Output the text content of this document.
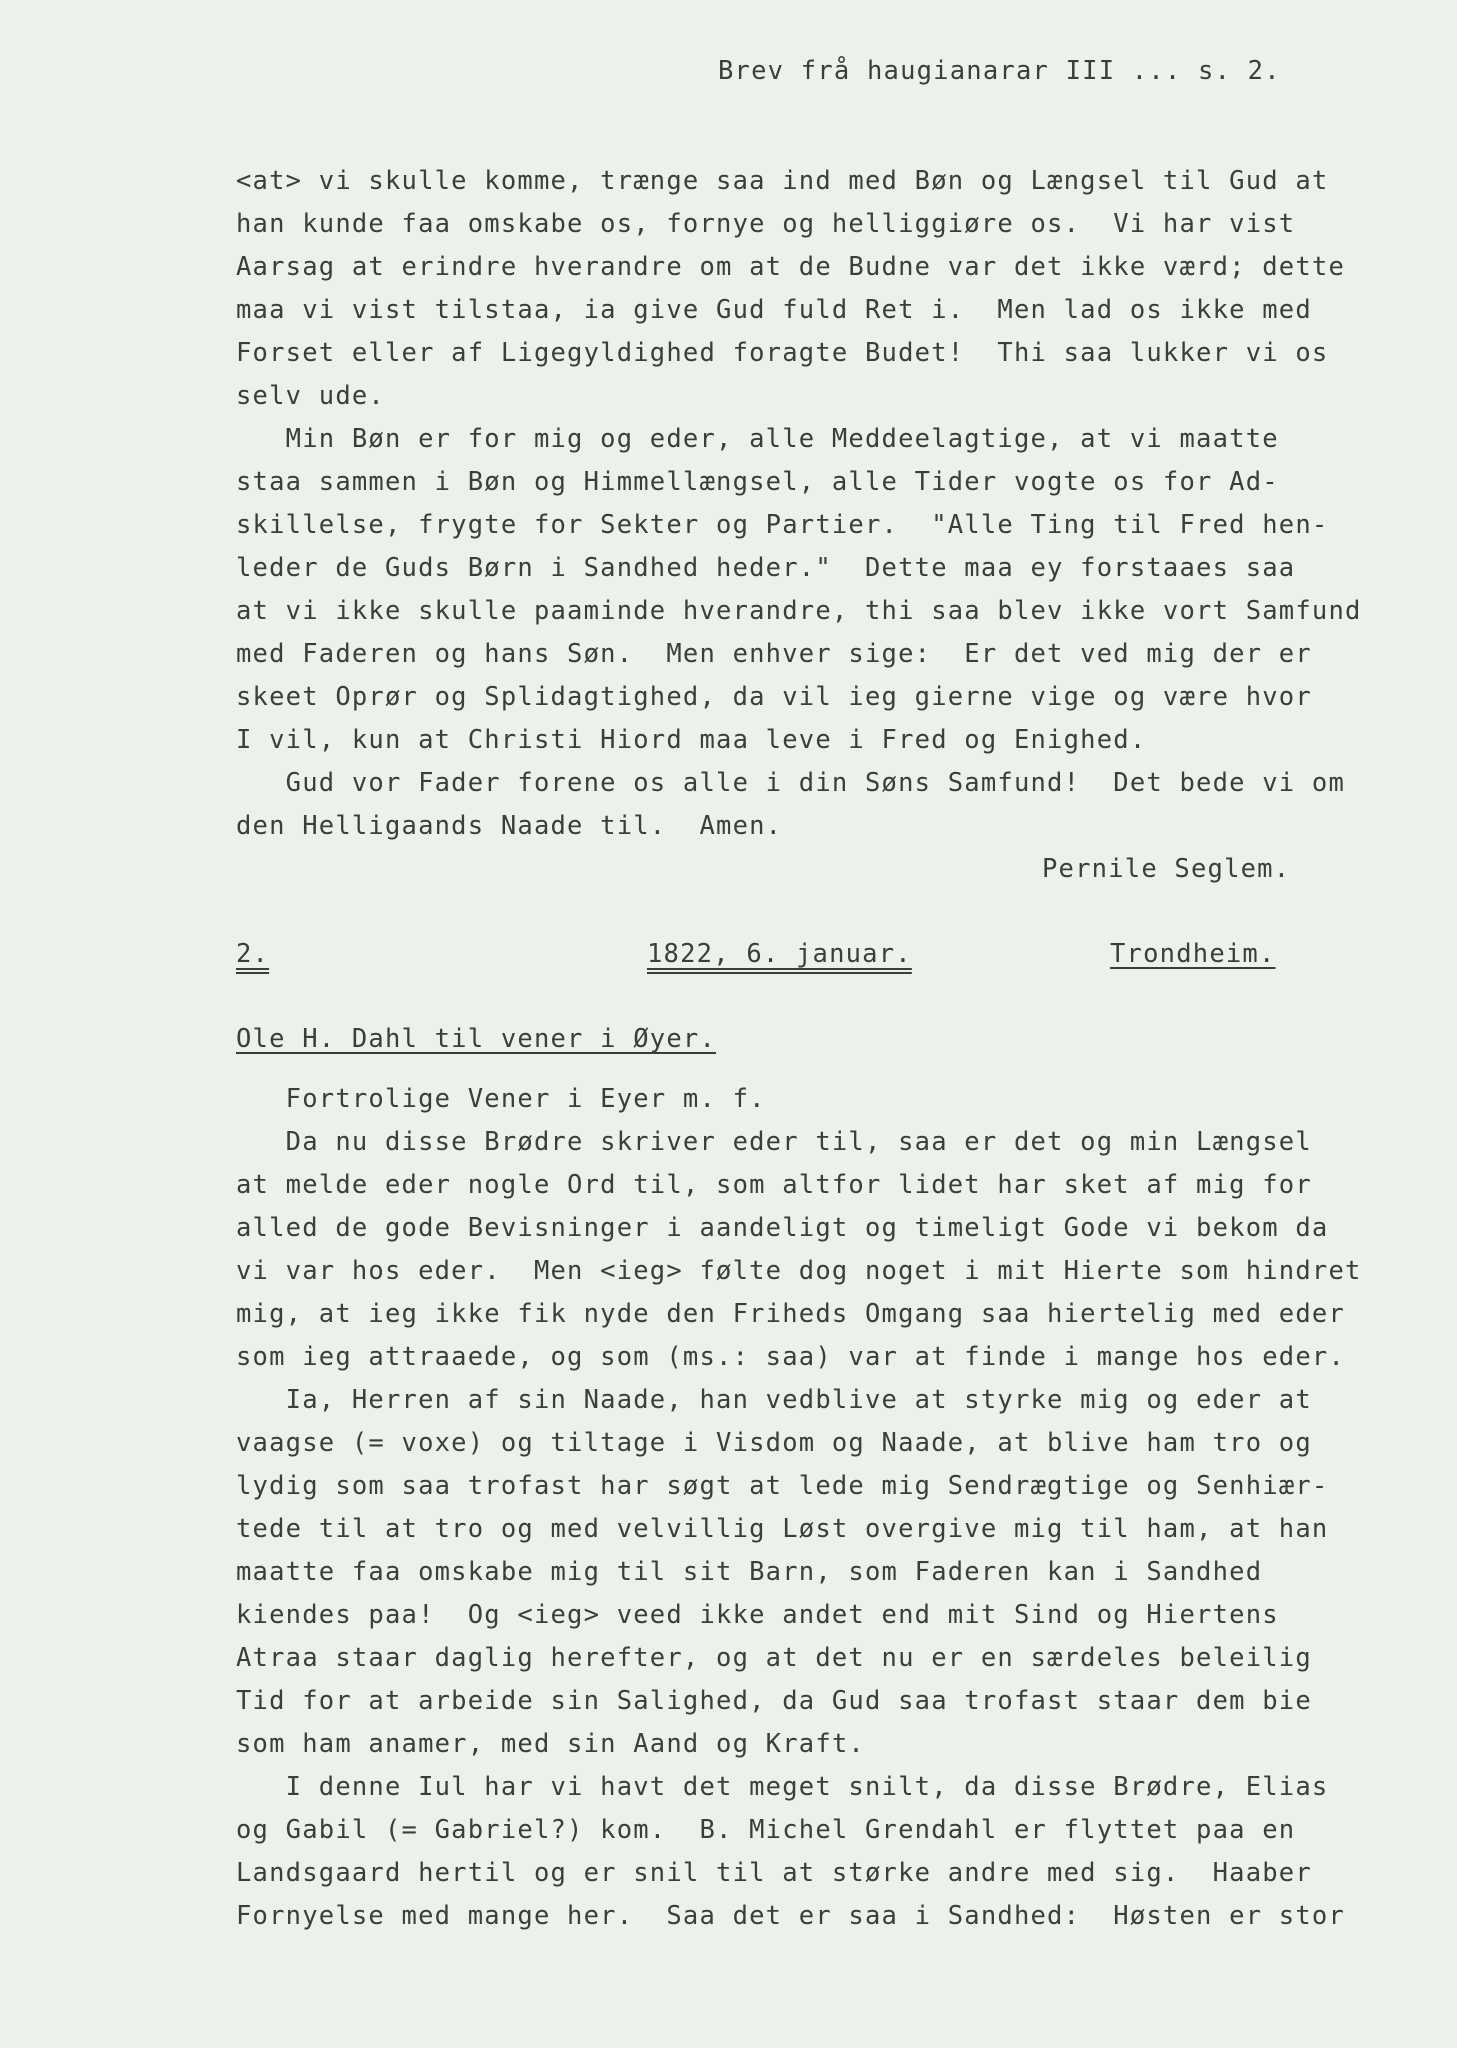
Brev frå haugianarar III ... s. 2.
<at> vi skulle komme, trænge saa ind med Bøn og Længsel til Gud at
han kunde faa omskabe os, fornye og helliggiøre os.  Vi har vist
Aarsag at erindre hverandre om at de Budne var det ikke værd; dette
maa vi vist tilstaa, ia give Gud fuld Ret i.  Men lad os ikke med
Forset eller af Ligegyldighed foragte Budet!  Thi saa lukker vi os
selv ude.
Min Bøn er for mig og eder, alle Meddeelagtige, at vi maatte
staa sammen i Bøn og Himmellængsel, alle Tider vogte os for Ad-
skillelse, frygte for Sekter og Partier.  "Alle Ting til Fred hen-
leder de Guds Børn i Sandhed heder."  Dette maa ey forstaaes saa
at vi ikke skulle paaminde hverandre, thi saa blev ikke vort Samfund
med Faderen og hans Søn.  Men enhver sige:  Er det ved mig der er
skeet Oprør og Splidagtighed, da vil ieg gierne vige og være hvor
I vil, kun at Christi Hiord maa leve i Fred og Enighed.
Gud vor Fader forene os alle i din Søns Samfund!  Det bede vi om
den Helligaands Naade til.  Amen.
Pernile Seglem.
2.	1822, 6. januar.	Trondheim.
Ole H. Dahl til vener i Øyer.
Fortrolige Vener i Eyer m. f.
Da nu disse Brødre skriver eder til, saa er det og min Længsel
at melde eder nogle Ord til, som altfor lidet har sket af mig for
alled de gode Bevisninger i aandeligt og timeligt Gode vi bekom da
vi var hos eder.  Men <ieg> følte dog noget i mit Hierte som hindret
mig, at ieg ikke fik nyde den Friheds Omgang saa hiertelig med eder
som ieg attraaede, og som (ms.: saa) var at finde i mange hos eder.
Ia, Herren af sin Naade, han vedblive at styrke mig og eder at
vaagse (= voxe) og tiltage i Visdom og Naade, at blive ham tro og
lydig som saa trofast har søgt at lede mig Sendrægtige og Senhiær-
tede til at tro og med velvillig Løst overgive mig til ham, at han
maatte faa omskabe mig til sit Barn, som Faderen kan i Sandhed
kiendes paa!  Og <ieg> veed ikke andet end mit Sind og Hiertens
Atraa staar daglig herefter, og at det nu er en særdeles beleilig
Tid for at arbeide sin Salighed, da Gud saa trofast staar dem bie
som ham anamer, med sin Aand og Kraft.
I denne Iul har vi havt det meget snilt, da disse Brødre, Elias
og Gabil (= Gabriel?) kom.  B. Michel Grendahl er flyttet paa en
Landsgaard hertil og er snil til at størke andre med sig.  Haaber
Fornyelse med mange her.  Saa det er saa i Sandhed:  Høsten er stor
